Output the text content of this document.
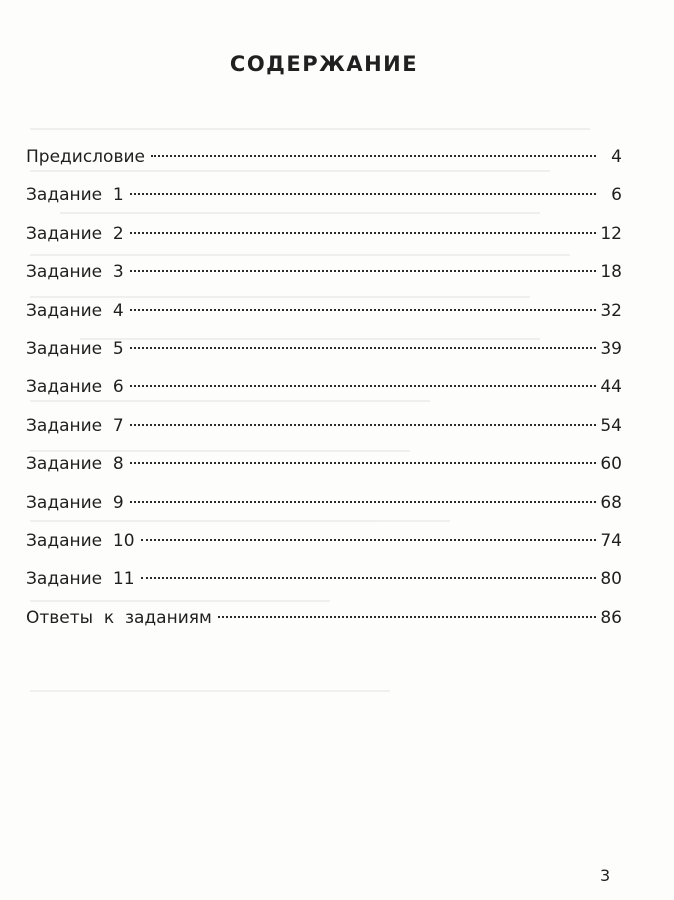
СОДЕРЖАНИЕ
Предисловие	4
Задание  1	6
Задание  2	12
Задание  3	18
Задание  4	32
Задание  5	39
Задание  6	44
Задание  7	54
Задание  8	60
Задание  9	68
Задание  10	74
Задание  11	80
Ответы  к  заданиям	86
3
